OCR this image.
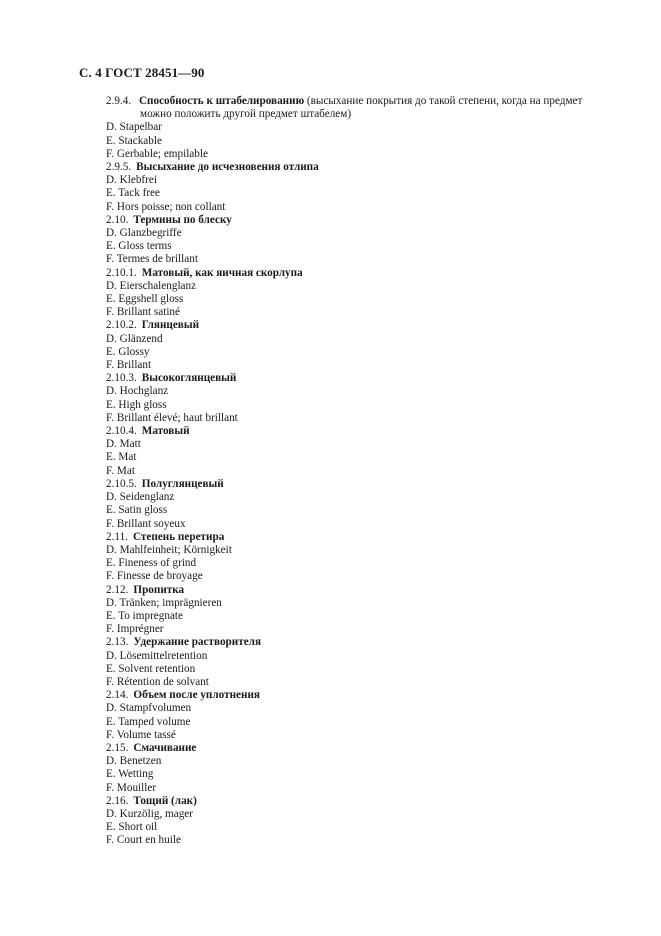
С. 4 ГОСТ 28451—90
2.9.4. Способность к штабелированию (высыхание покрытия до такой степени, когда на предмет
можно положить другой предмет штабелем)
D. Stapelbar
E. Stackable
F. Gerbable; empilable
2.9.5. Высыхание до исчезновения отлипа
D. Klebfrei
E. Tack free
F. Hors poisse; non collant
2.10. Термины по блеску
D. Glanzbegriffe
E. Gloss terms
F. Termes de brillant
2.10.1. Матовый, как яичная скорлупа
D. Eierschalenglanz
E. Eggshell gloss
F. Brillant satiné
2.10.2. Глянцевый
D. Glänzend
E. Glossy
F. Brillant
2.10.3. Высокоглянцевый
D. Hochglanz
E. High gloss
F. Brillant élevé; haut brillant
2.10.4. Матовый
D. Matt
E. Mat
F. Mat
2.10.5. Полуглянцевый
D. Seidenglanz
E. Satin gloss
F. Brillant soyeux
2.11. Степень перетира
D. Mahlfeinheit; Körnigkeit
E. Fineness of grind
F. Finesse de broyage
2.12. Пропитка
D. Tränken; imprägnieren
E. To impregnate
F. Imprégner
2.13. Удержание растворителя
D. Lösemittelretention
E. Solvent retention
F. Rétention de solvant
2.14. Объем после уплотнения
D. Stampfvolumen
E. Tamped volume
F. Volume tassé
2.15. Смачивание
D. Benetzen
E. Wetting
F. Mouiller
2.16. Тощий (лак)
D. Kurzölig, mager
E. Short oil
F. Court en huile
